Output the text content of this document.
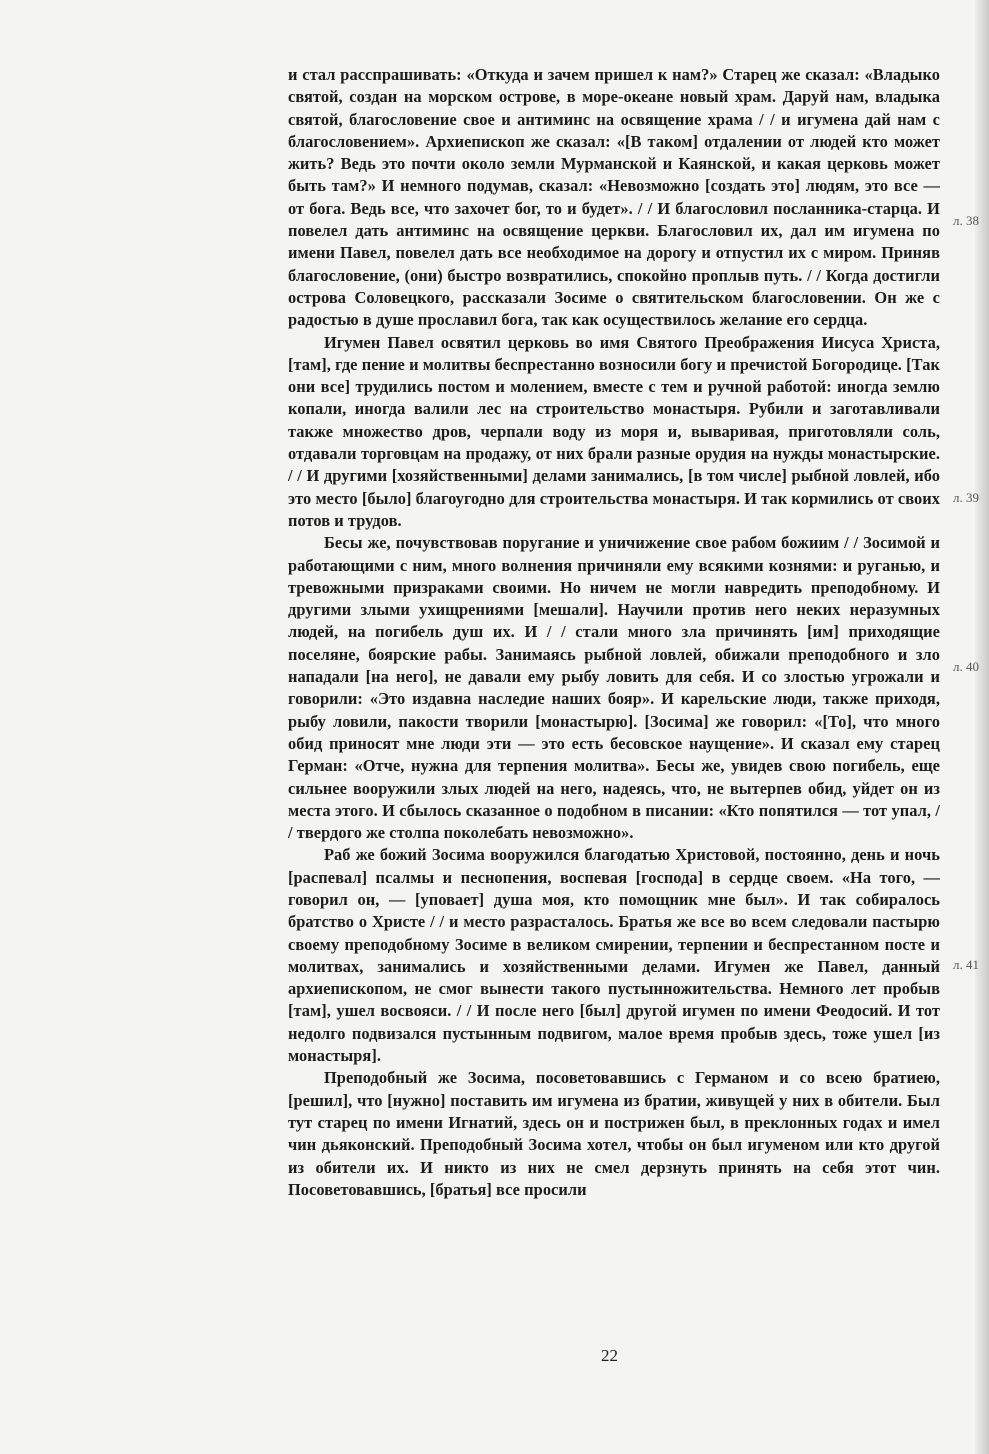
и стал расспрашивать: «Откуда и зачем пришел к нам?» Старец же сказал: «Владыко святой, создан на морском острове, в море-океане новый храм. Даруй нам, владыка святой, благословение свое и антиминс на освящение храма / / и игумена дай нам с благословением». Архиепископ же сказал: «[В таком] отдалении от людей кто может жить? Ведь это почти около земли Мурманской и Каянской, и какая церковь может быть там?» И немного подумав, сказал: «Невозможно [создать это] людям, это все — от бога. Ведь все, что захочет бог, то и будет». / / И благословил посланника-старца. И повелел дать антиминс на освящение церкви. Благословил их, дал им игумена по имени Павел, повелел дать все необходимое на дорогу и отпустил их с миром. Приняв благословение, (они) быстро возвратились, спокойно проплыв путь. / / Когда достигли острова Соловецкого, рассказали Зосиме о святительском благословении. Он же с радостью в душе прославил бога, так как осуществилось желание его сердца.

Игумен Павел освятил церковь во имя Святого Преображения Иисуса Христа, [там], где пение и молитвы беспрестанно возносили богу и пречистой Богородице. [Так они все] трудились постом и молением, вместе с тем и ручной работой: иногда землю копали, иногда валили лес на строительство монастыря. Рубили и заготавливали также множество дров, черпали воду из моря и, вываривая, приготовляли соль, отдавали торговцам на продажу, от них брали разные орудия на нужды монастырские. / / И другими [хозяйственными] делами занимались, [в том числе] рыбной ловлей, ибо это место [было] благоугодно для строительства монастыря. И так кормились от своих потов и трудов.

Бесы же, почувствовав поругание и уничижение свое рабом божиим / / Зосимой и работающими с ним, много волнения причиняли ему всякими кознями: и руганью, и тревожными призраками своими. Но ничем не могли навредить преподобному. И другими злыми ухищрениями [мешали]. Научили против него неких неразумных людей, на погибель душ их. И / / стали много зла причинять [им] приходящие поселяне, боярские рабы. Занимаясь рыбной ловлей, обижали преподобного и зло нападали [на него], не давали ему рыбу ловить для себя. И со злостью угрожали и говорили: «Это издавна наследие наших бояр». И карельские люди, также приходя, рыбу ловили, пакости творили [монастырю]. [Зосима] же говорил: «[То], что много обид приносят мне люди эти — это есть бесовское наущение». И сказал ему старец Герман: «Отче, нужна для терпения молитва». Бесы же, увидев свою погибель, еще сильнее вооружили злых людей на него, надеясь, что, не вытерпев обид, уйдет он из места этого. И сбылось сказанное о подобном в писании: «Кто попятился — тот упал, / / твердого же столпа поколебать невозможно».

Раб же божий Зосима вооружился благодатью Христовой, постоянно, день и ночь [распевал] псалмы и песнопения, воспевая [господа] в сердце своем. «На того, — говорил он, — [уповает] душа моя, кто помощник мне был». И так собиралось братство о Христе / / и место разрасталось. Братья же все во всем следовали пастырю своему преподобному Зосиме в великом смирении, терпении и беспрестанном посте и молитвах, занимались и хозяйственными делами. Игумен же Павел, данный архиепископом, не смог вынести такого пустынножительства. Немного лет пробыв [там], ушел восвояси. / / И после него [был] другой игумен по имени Феодосий. И тот недолго подвизался пустынным подвигом, малое время пробыв здесь, тоже ушел [из монастыря].

Преподобный же Зосима, посоветовавшись с Германом и со всею братиею, [решил], что [нужно] поставить им игумена из братии, живущей у них в обители. Был тут старец по имени Игнатий, здесь он и пострижен был, в преклонных годах и имел чин дьяконский. Преподобный Зосима хотел, чтобы он был игуменом или кто другой из обители их. И никто из них не смел дерзнуть принять на себя этот чин. Посоветовавшись, [братья] все просили

л. 38
л. 39
л. 40
л. 41
22
